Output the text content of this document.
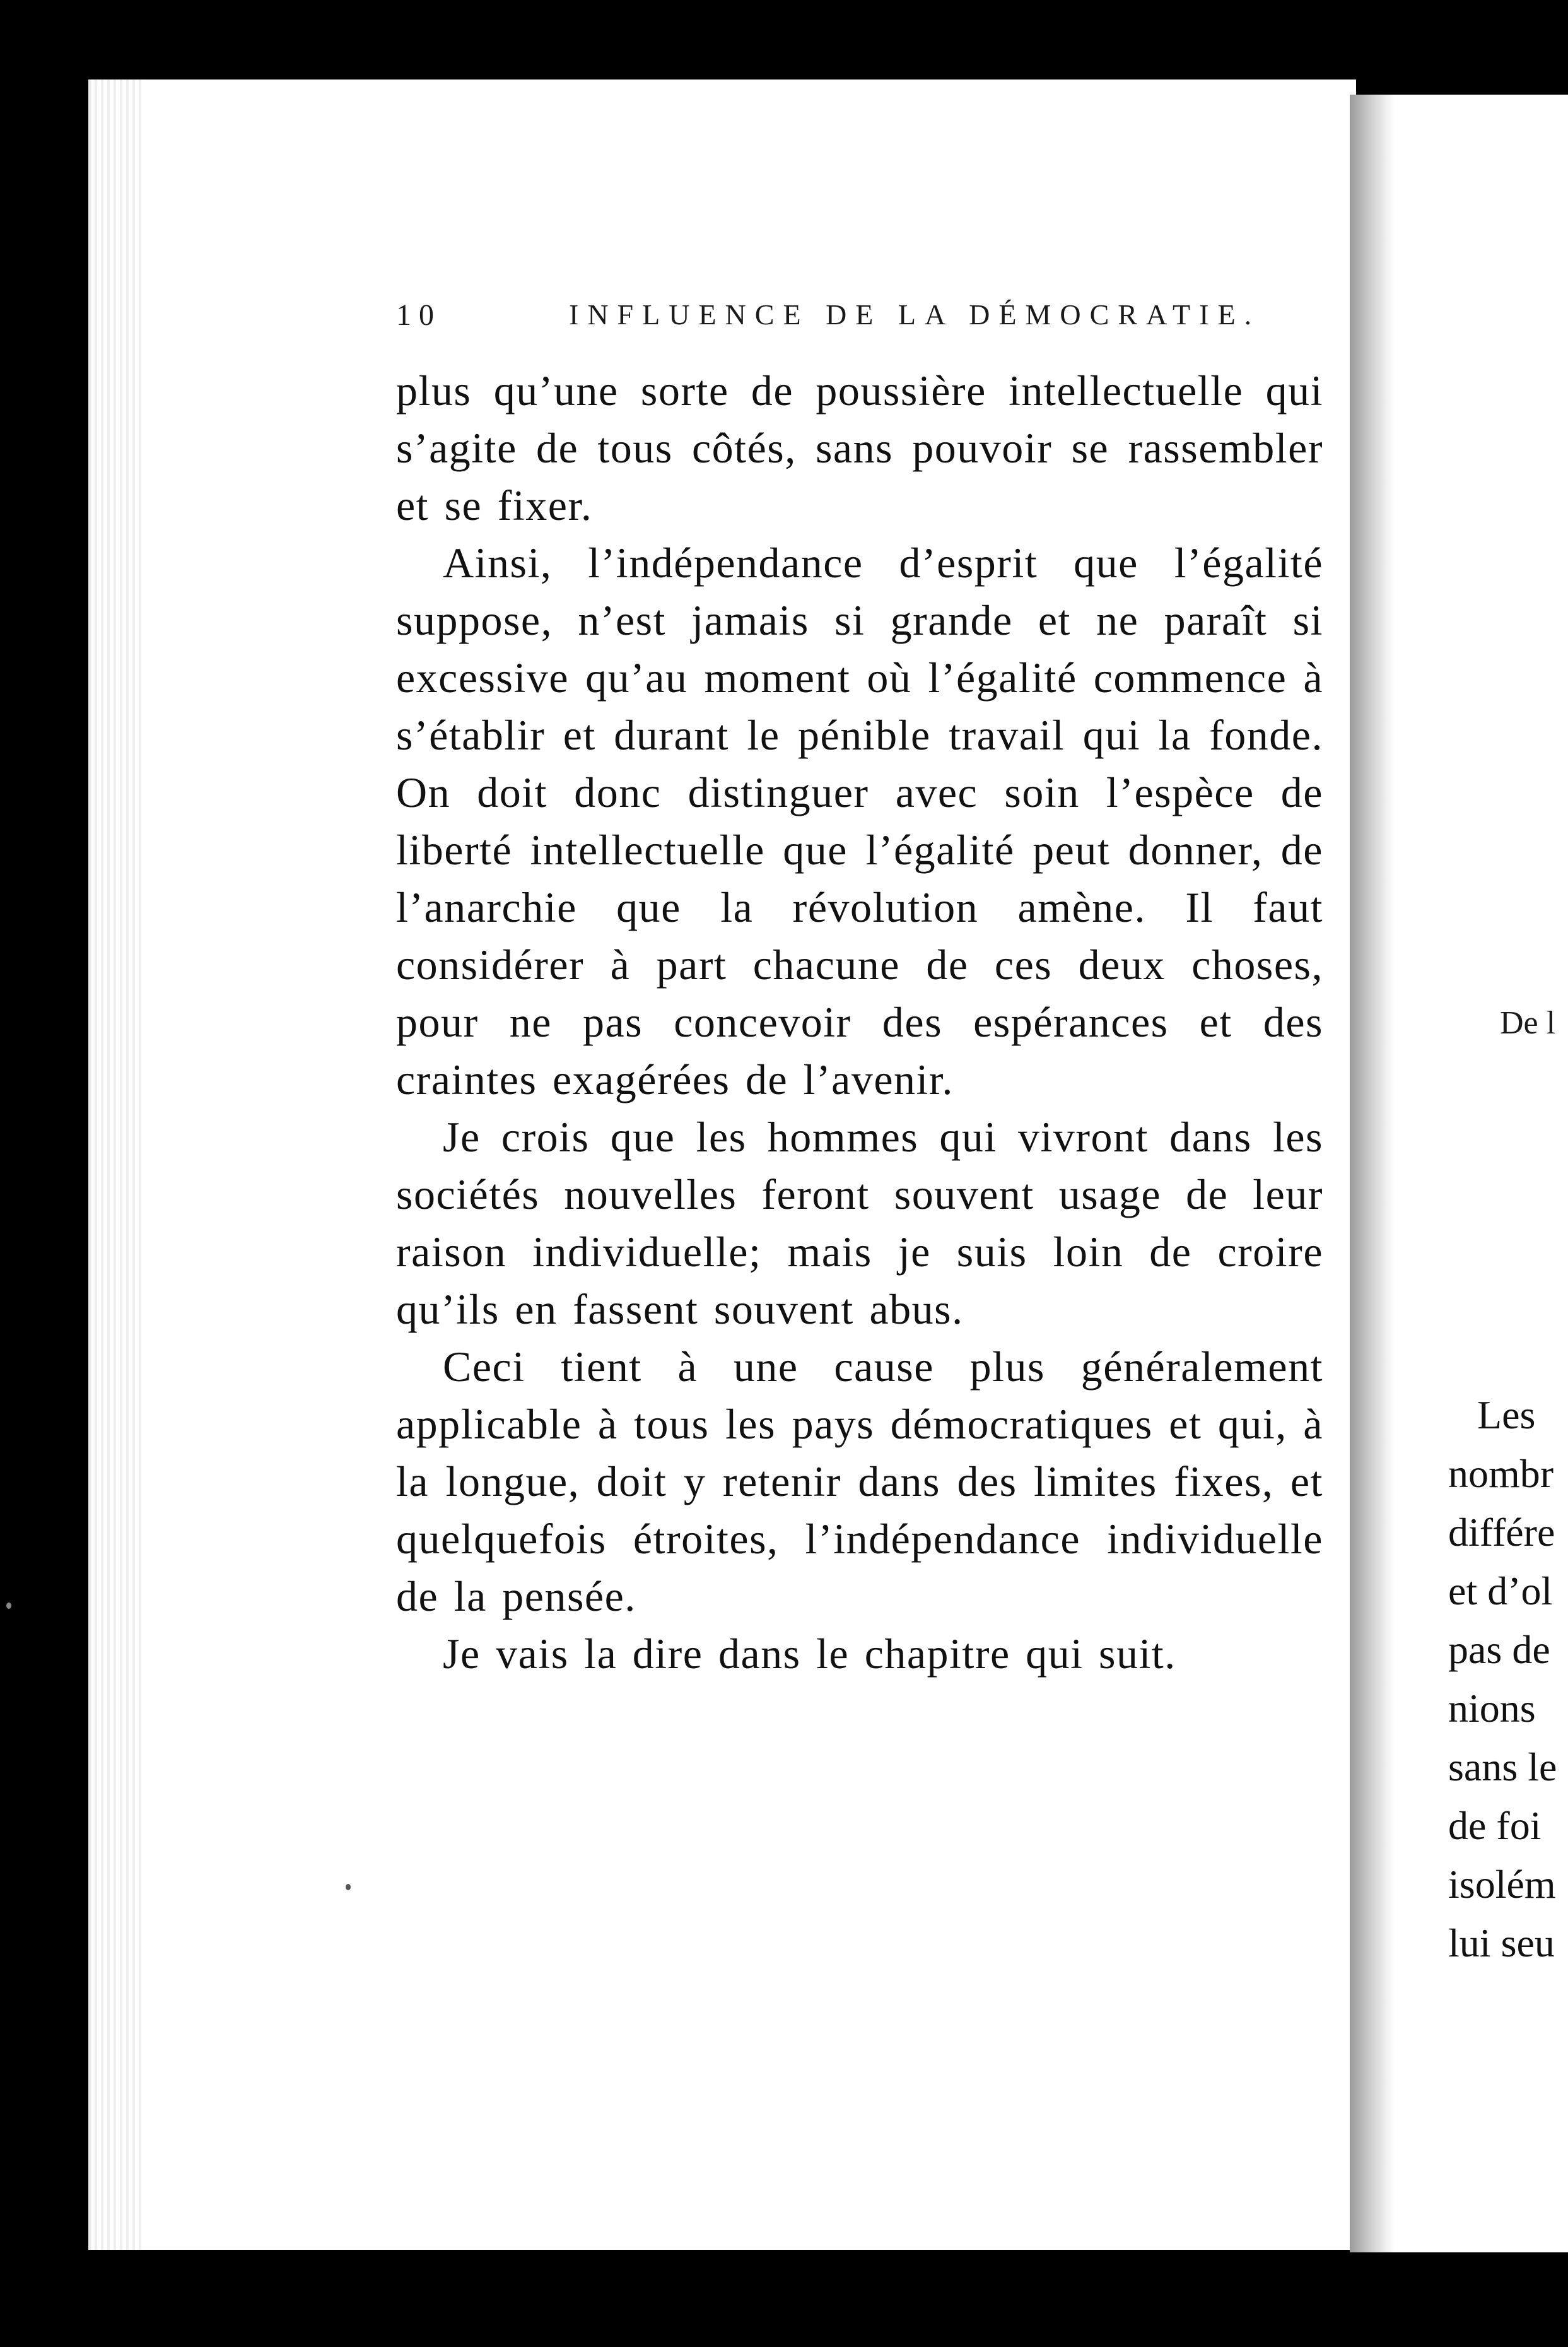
10	INFLUENCE DE LA DÉMOCRATIE.

plus qu’une sorte de poussière intellectuelle qui s’agite de tous côtés, sans pouvoir se rassembler et se fixer.

Ainsi, l’indépendance d’esprit que l’égalité suppose, n’est jamais si grande et ne paraît si excessive qu’au moment où l’égalité commence à s’établir et durant le pénible travail qui la fonde. On doit donc distinguer avec soin l’espèce de liberté intellectuelle que l’égalité peut donner, de l’anarchie que la révolution amène. Il faut considérer à part chacune de ces deux choses, pour ne pas concevoir des espérances et des craintes exagérées de l’avenir.

Je crois que les hommes qui vivront dans les sociétés nouvelles feront souvent usage de leur raison individuelle; mais je suis loin de croire qu’ils en fassent souvent abus.

Ceci tient à une cause plus généralement applicable à tous les pays démocratiques et qui, à la longue, doit y retenir dans des limites fixes, et quelquefois étroites, l’indépendance individuelle de la pensée.

Je vais la dire dans le chapitre qui suit.

De l
Les
nombr
différe
et d’ol
pas de
nions
sans le
de foi
isolém
lui seu
